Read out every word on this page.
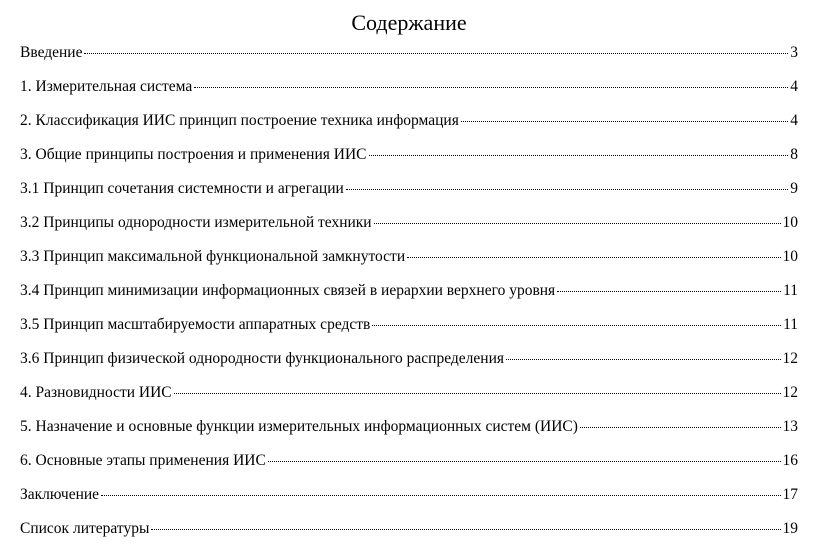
Содержание
Введение	3
1. Измерительная система	4
2. Классификация ИИС принцип построение техника информация	4
3. Общие принципы построения и применения ИИС	8
3.1 Принцип сочетания системности и агрегации	9
3.2 Принципы однородности измерительной техники	10
3.3 Принцип максимальной функциональной замкнутости	10
3.4 Принцип минимизации информационных связей в иерархии верхнего уровня	11
3.5 Принцип масштабируемости аппаратных средств	11
3.6 Принцип физической однородности функционального распределения	12
4. Разновидности ИИС	12
5. Назначение и основные функции измерительных информационных систем (ИИС)	13
6. Основные этапы применения ИИС	16
Заключение	17
Список литературы	19
